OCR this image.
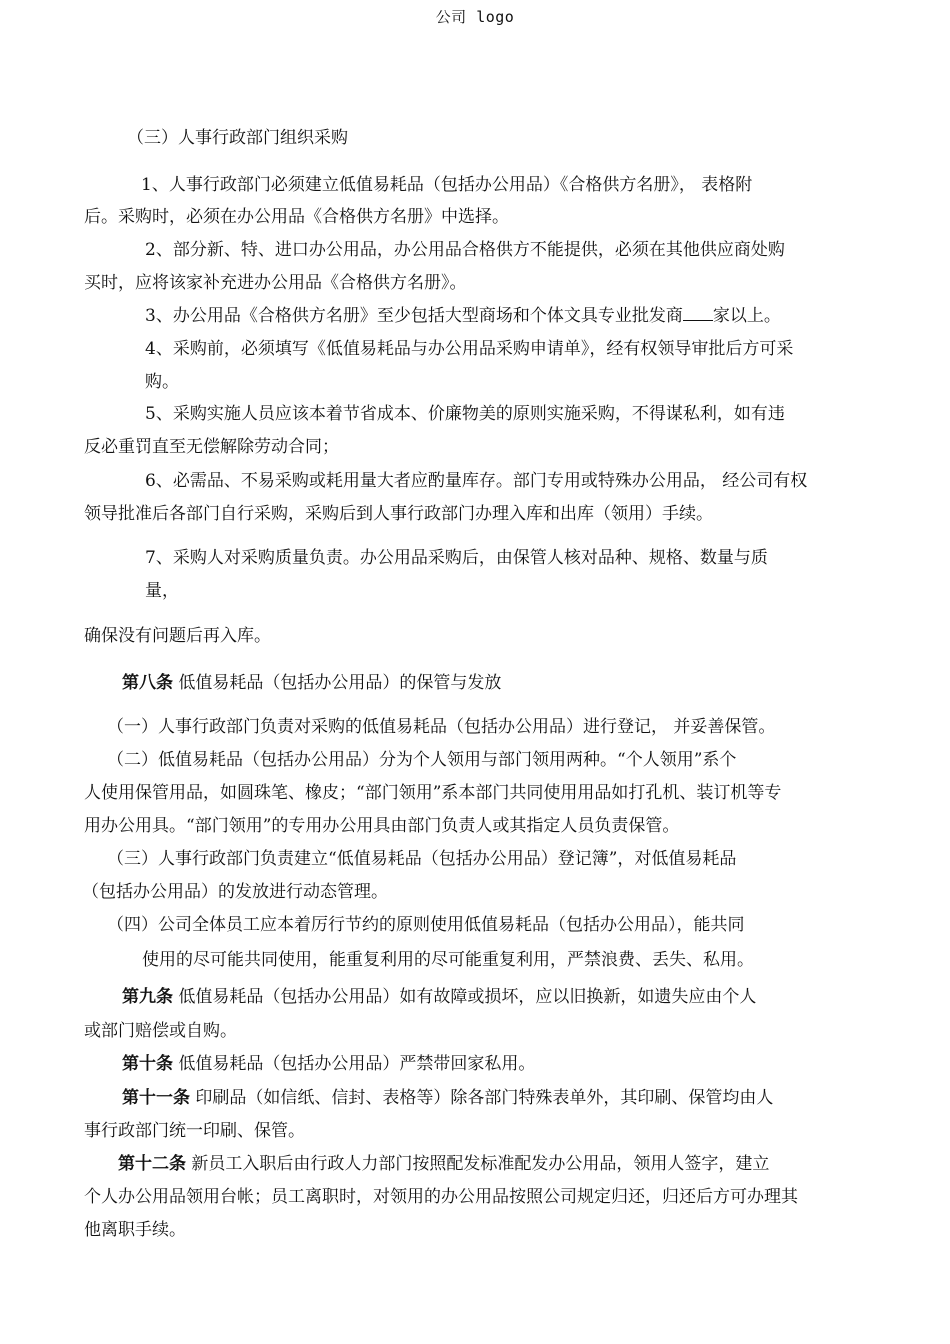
公司 logo
（三）人事行政部门组织采购
1、人事行政部门必须建立低值易耗品（包括办公用品）《合格供方名册》， 表格附
后。采购时，必须在办公用品《合格供方名册》中选择。
2、部分新、特、进口办公用品，办公用品合格供方不能提供，必须在其他供应商处购
买时，应将该家补充进办公用品《合格供方名册》。
3、办公用品《合格供方名册》至少包括大型商场和个体文具专业批发商 家以上。
4、采购前，必须填写《低值易耗品与办公用品采购申请单》，经有权领导审批后方可采
购。
5、采购实施人员应该本着节省成本、价廉物美的原则实施采购，不得谋私利，如有违
反必重罚直至无偿解除劳动合同；
6、必需品、不易采购或耗用量大者应酌量库存。部门专用或特殊办公用品， 经公司有权
领导批准后各部门自行采购，采购后到人事行政部门办理入库和出库（领用）手续。
7、采购人对采购质量负责。办公用品采购后，由保管人核对品种、规格、数量与质
量，
确保没有问题后再入库。
第八条 低值易耗品（包括办公用品）的保管与发放
（一）人事行政部门负责对采购的低值易耗品（包括办公用品）进行登记， 并妥善保管。
（二）低值易耗品（包括办公用品）分为个人领用与部门领用两种。“个人领用”系个
人使用保管用品，如圆珠笔、橡皮；“部门领用”系本部门共同使用用品如打孔机、装订机等专
用办公用具。“部门领用”的专用办公用具由部门负责人或其指定人员负责保管。
（三）人事行政部门负责建立“低值易耗品（包括办公用品）登记簿”，对低值易耗品
（包括办公用品）的发放进行动态管理。
（四）公司全体员工应本着厉行节约的原则使用低值易耗品（包括办公用品），能共同
使用的尽可能共同使用，能重复利用的尽可能重复利用，严禁浪费、丢失、私用。
第九条 低值易耗品（包括办公用品）如有故障或损坏，应以旧换新，如遗失应由个人
或部门赔偿或自购。
第十条 低值易耗品（包括办公用品）严禁带回家私用。
第十一条 印刷品（如信纸、信封、表格等）除各部门特殊表单外，其印刷、保管均由人
事行政部门统一印刷、保管。
第十二条 新员工入职后由行政人力部门按照配发标准配发办公用品，领用人签字，建立
个人办公用品领用台帐；员工离职时，对领用的办公用品按照公司规定归还，归还后方可办理其
他离职手续。
